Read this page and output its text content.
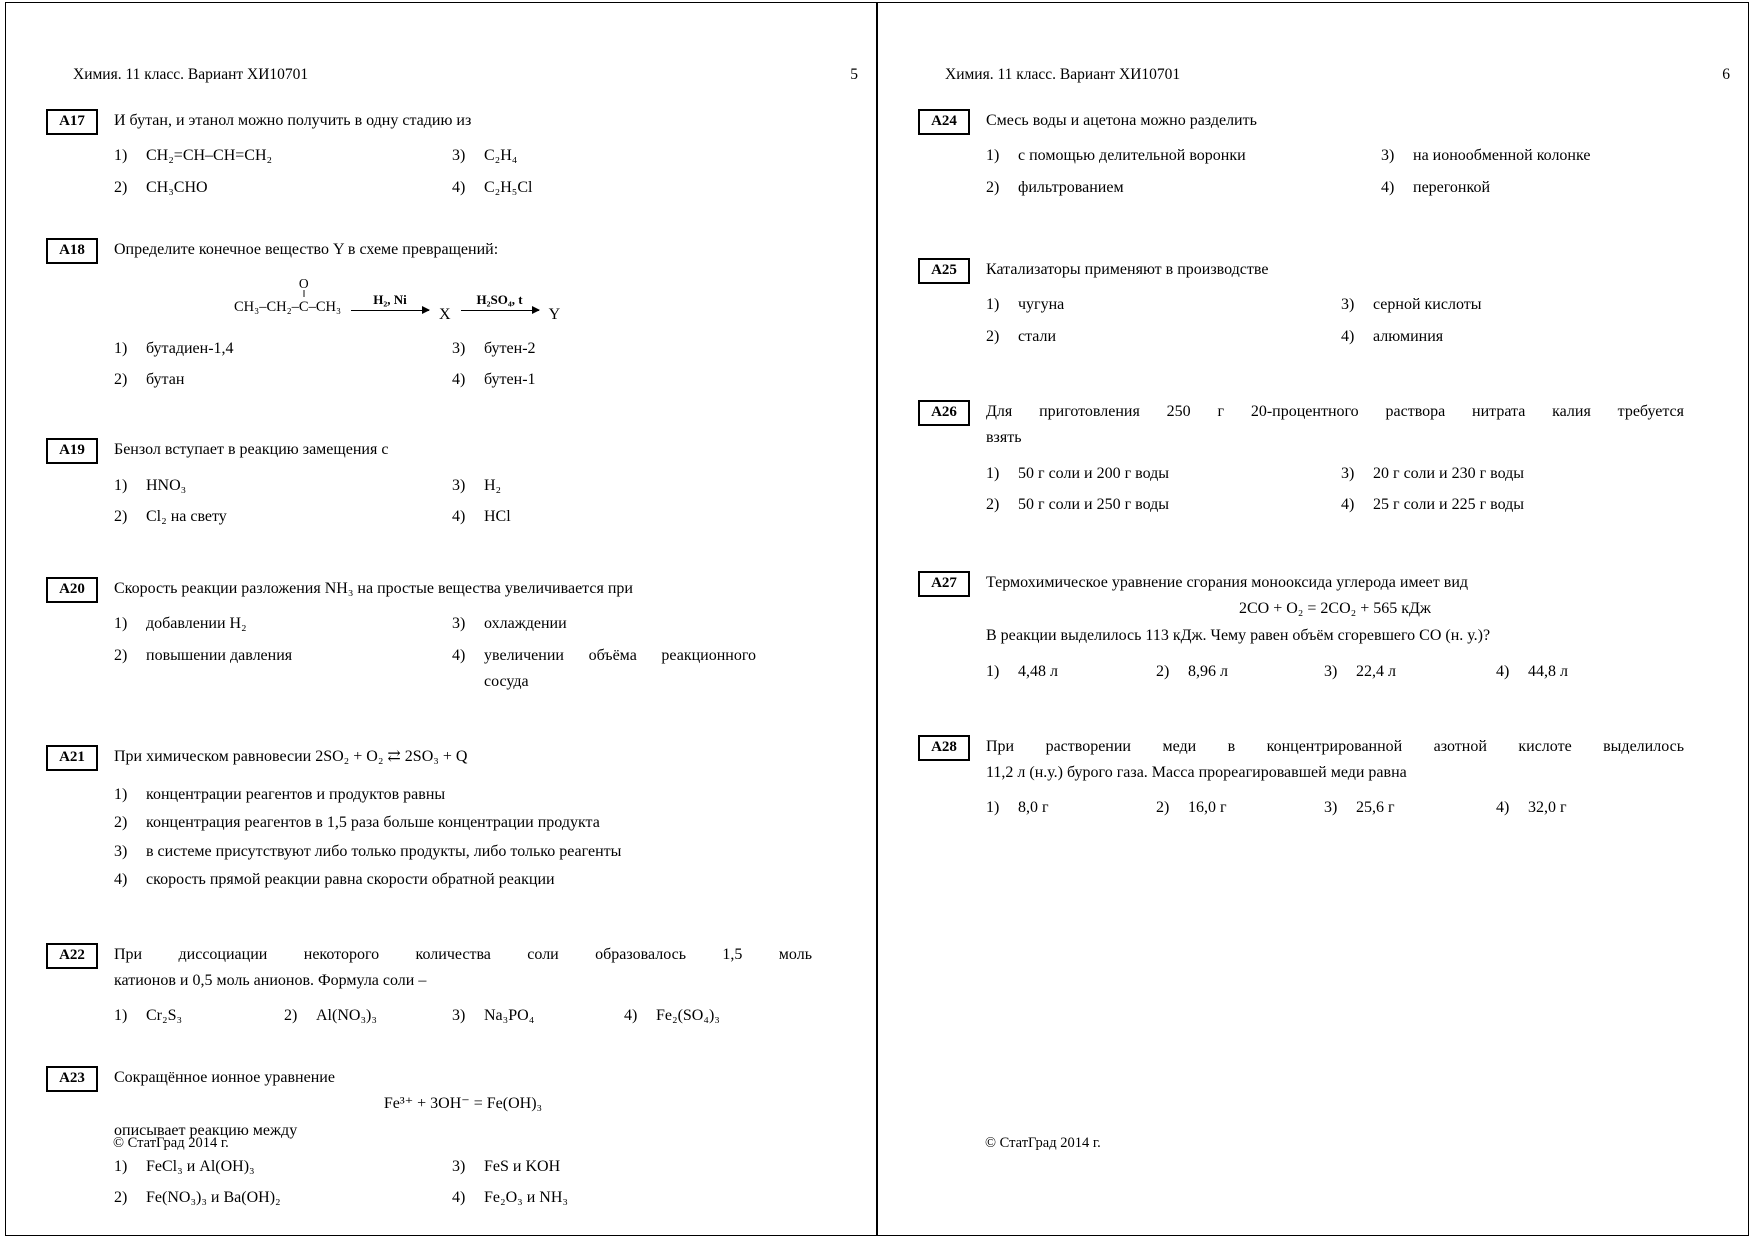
Химия. 11 класс. Вариант ХИ10701	5
A17	И бутан, и этанол можно получить в одну стадию из
1)	CH₂=CH–CH=CH₂	3)	C₂H₄
2)	CH₃CHO	4)	C₂H₅Cl
A18	Определите конечное вещество Y в схеме превращений:
CH₃–CH₂–
O
‖
C–CH₃ H₂, Ni
X
H₂SO₄, t
Y
1)	бутадиен-1,4	3)	бутен-2
2)	бутан	4)	бутен-1
A19	Бензол вступает в реакцию замещения с
1)	HNO₃	3)	H₂
2)	Cl₂ на свету	4)	HCl
A20	Скорость реакции разложения NH₃ на простые вещества увеличивается при
1)	добавлении H₂	3)	охлаждении
2)	повышении давления	4)	увеличении объёма реакционного сосуда
A21	При химическом равновесии 2SO₂ + O₂ ⇄ 2SO₃ + Q
1)	концентрации реагентов и продуктов равны
2)	концентрация реагентов в 1,5 раза больше концентрации продукта
3)	в системе присутствуют либо только продукты, либо только реагенты
4)	скорость прямой реакции равна скорости обратной реакции
A22	При диссоциации некоторого количества соли образовалось 1,5 моль
катионов и 0,5 моль анионов. Формула соли –
1)	Cr₂S₃	2)	Al(NO₃)₃	3)	Na₃PO₄	4)	Fe₂(SO₄)₃
A23	Сокращённое ионное уравнение
Fe³⁺ + 3OH⁻ = Fe(OH)₃
описывает реакцию между
1)	FeCl₃ и Al(OH)₃	3)	FeS и KOH
2)	Fe(NO₃)₃ и Ba(OH)₂	4)	Fe₂O₃ и NH₃
© СтатГрад 2014 г.
Химия. 11 класс. Вариант ХИ10701	6
A24	Смесь воды и ацетона можно разделить
1)	с помощью делительной воронки	3)	на ионообменной колонке
2)	фильтрованием	4)	перегонкой
A25	Катализаторы применяют в производстве
1)	чугуна	3)	серной кислоты
2)	стали	4)	алюминия
A26	Для приготовления 250 г 20-процентного раствора нитрата калия требуется
взять
1)	50 г соли и 200 г воды	3)	20 г соли и 230 г воды
2)	50 г соли и 250 г воды	4)	25 г соли и 225 г воды
A27	Термохимическое уравнение сгорания монооксида углерода имеет вид
2CO + O₂ = 2CO₂ + 565 кДж
В реакции выделилось 113 кДж. Чему равен объём сгоревшего CO (н. у.)?
1)	4,48 л	2)	8,96 л	3)	22,4 л	4)	44,8 л
A28	При растворении меди в концентрированной азотной кислоте выделилось
11,2 л (н.у.) бурого газа. Масса прореагировавшей меди равна
1)	8,0 г	2)	16,0 г	3)	25,6 г	4)	32,0 г
© СтатГрад 2014 г.
